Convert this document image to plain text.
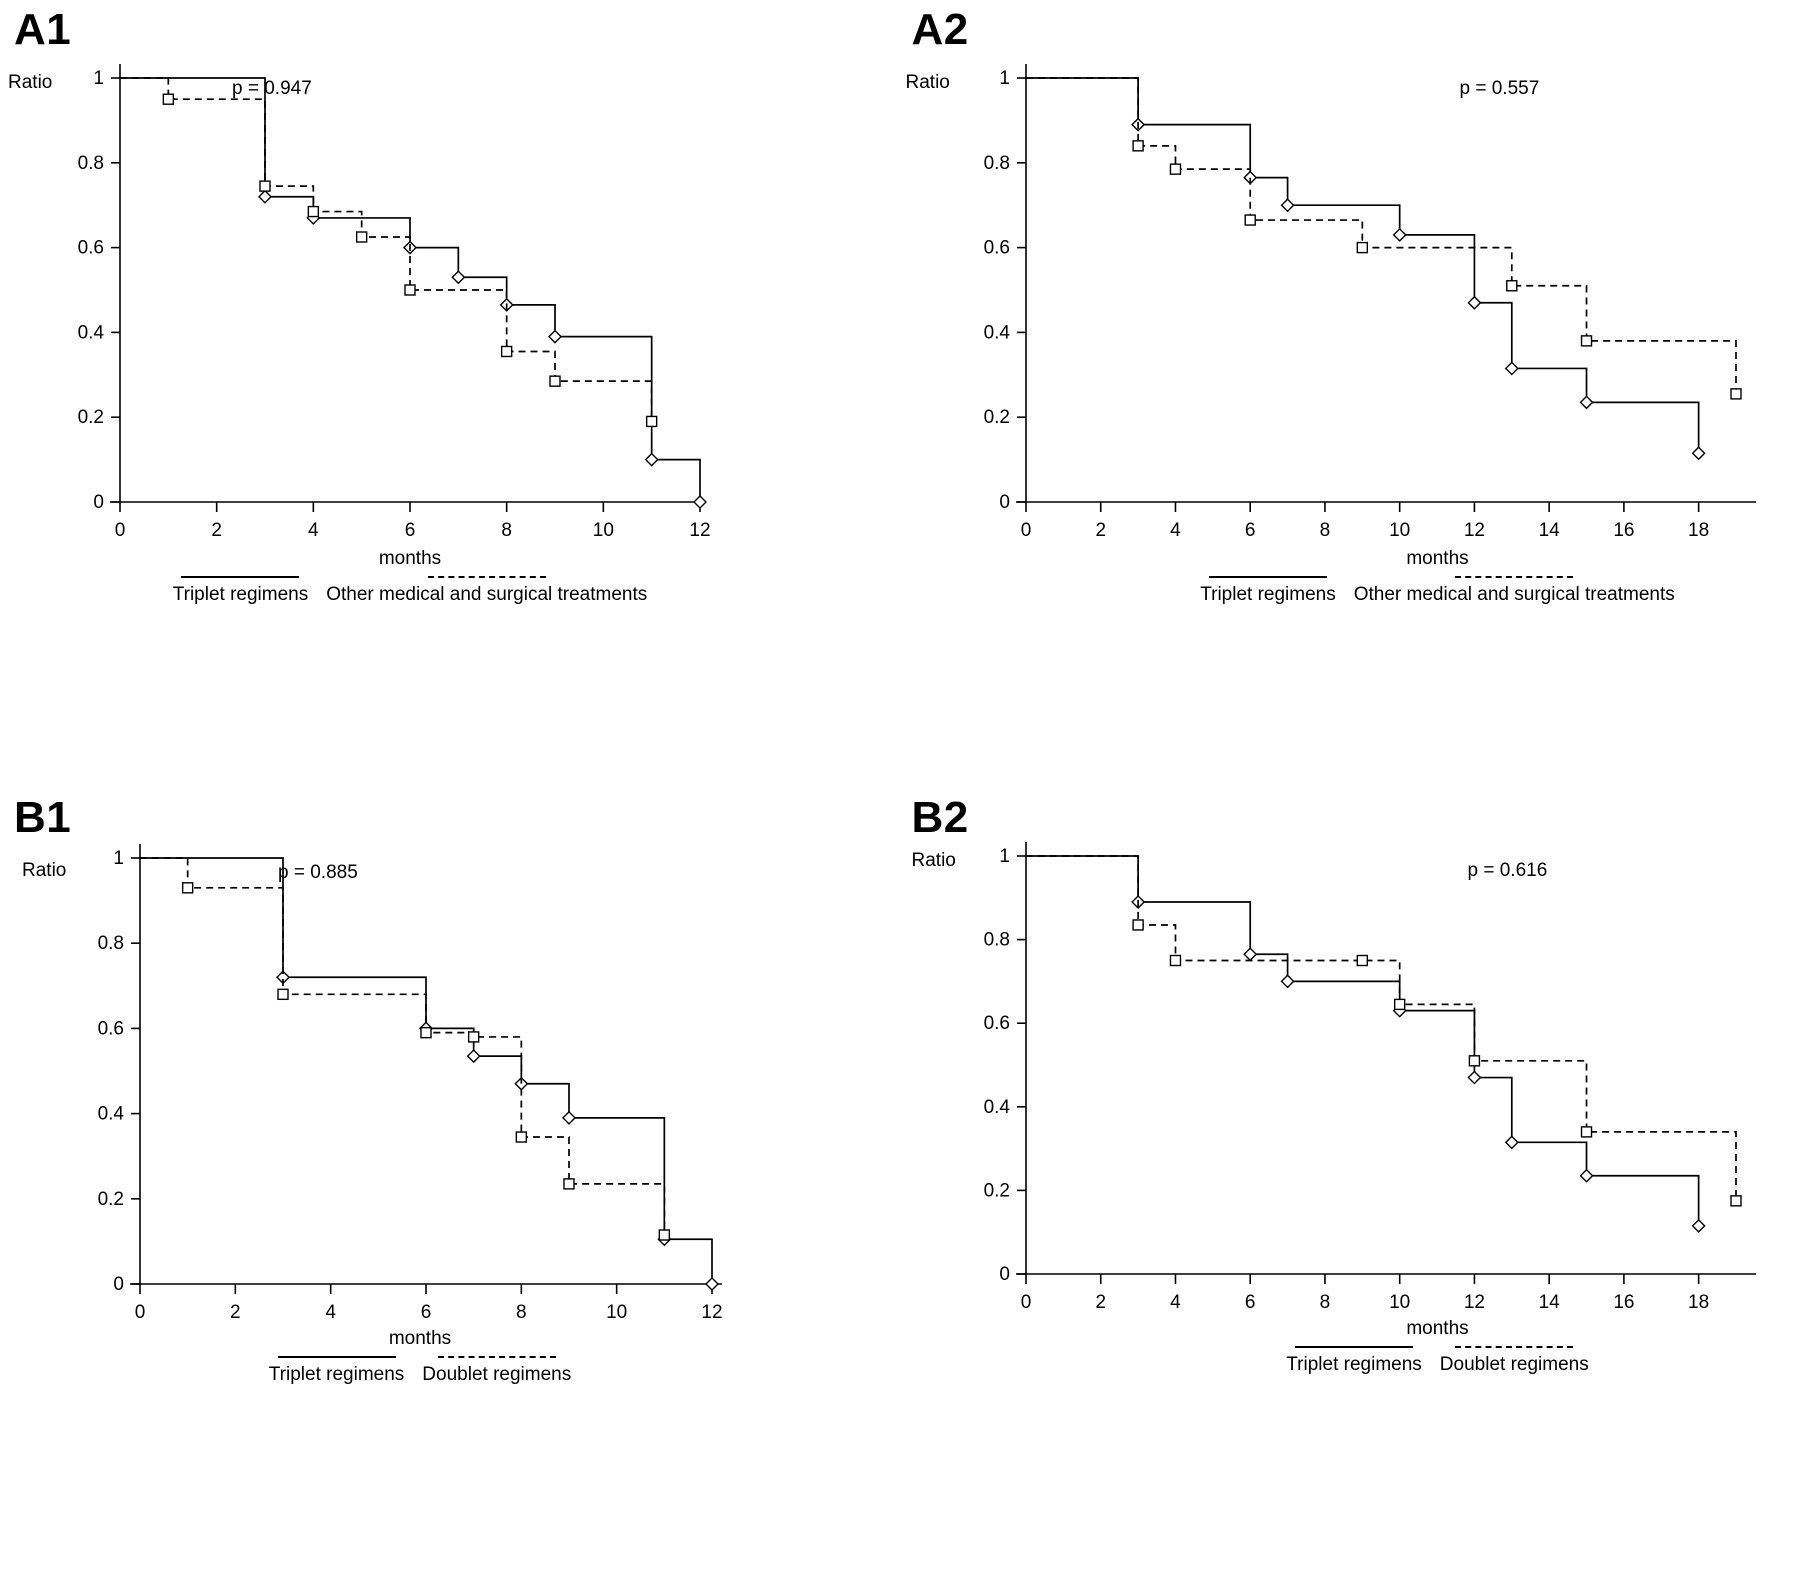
A1
Ratio	p = 0.947
0
0.2
0.4
0.6
0.8
1
0	2	4	6	8	10	12
months
Triplet regimens Other medical and surgical treatments
A2
Ratio	p = 0.557
0
0.2
0.4
0.6
0.8
1
0	2	4	6	8	10	12	14	16	18
months
Triplet regimens Other medical and surgical treatments
B1
Ratio	p = 0.885
0
0.2
0.4
0.6
0.8
1
0	2	4	6	8	10	12
months
Triplet regimens Doublet regimens
B2
Ratio	p = 0.616
0
0.2
0.4
0.6
0.8
1
0	2	4	6	8	10	12	14	16	18
months
Triplet regimens Doublet regimens
